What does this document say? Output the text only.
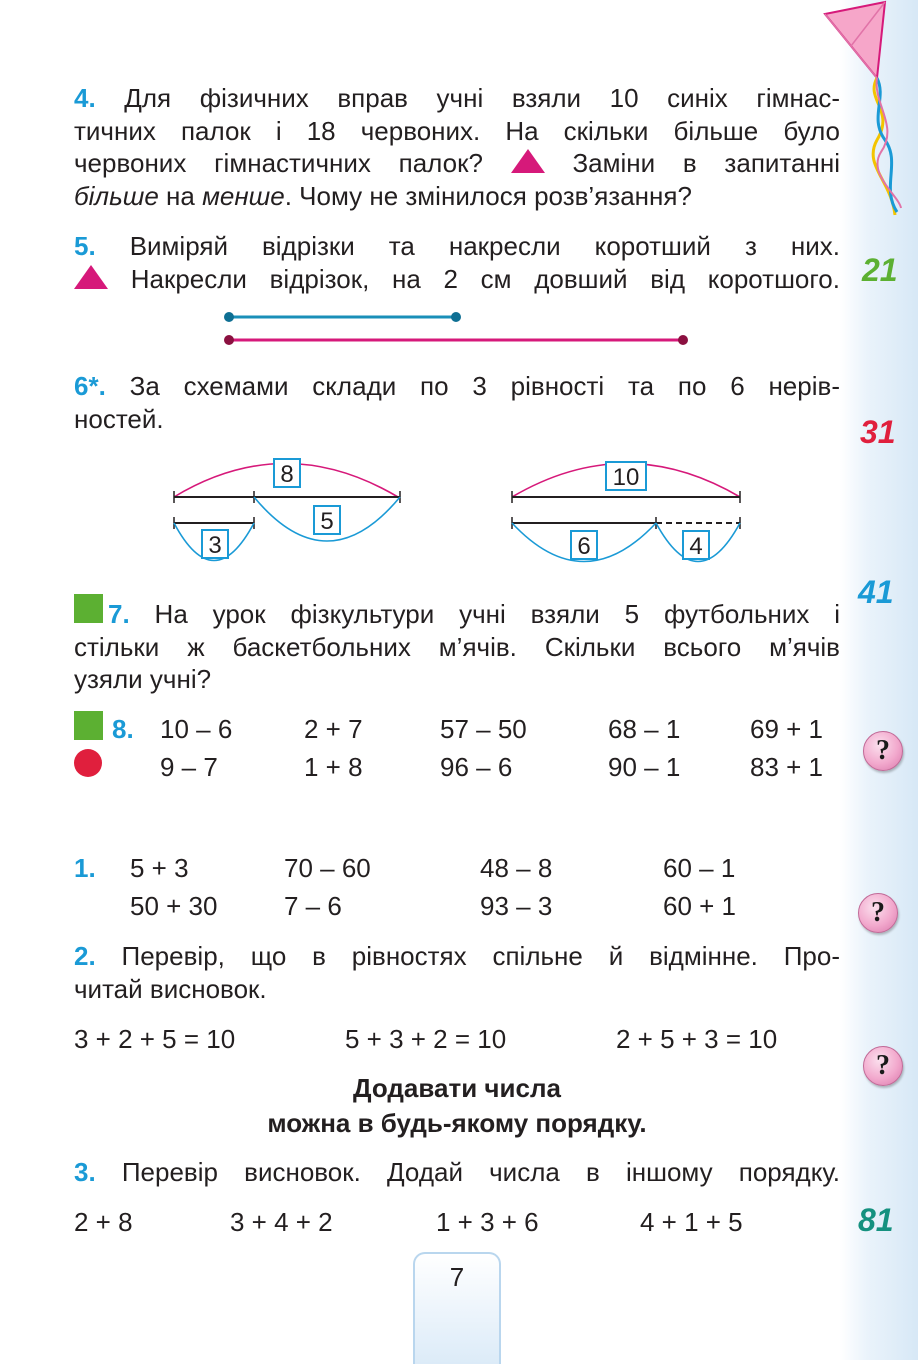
4. Для фізичних вправ учні взяли 10 синіх гімнас-
тичних палок і 18 червоних. На скільки більше було
червоних гімнастичних палок?	Заміни в запитанні
більше на менше. Чому не змінилося розв’язання?
5. Виміряй відрізки та накресли коротший з них.
Накресли відрізок, на 2 см довший від коротшого.
6*. За схемами склади по 3 рівності та по 6 нерів-
ностей.
8
5
3
10
6	4
7. На урок фізкультури учні взяли 5 футбольних і
стільки ж баскетбольних м’ячів. Скільки всього м’ячів
узяли учні?
8. 10 – 6	2 + 7	57 – 50	68 – 1	69 + 1
9 – 7	1 + 8	96 – 6	90 – 1	83 + 1
1. 5 + 3	70 – 60	48 – 8	60 – 1
50 + 30	7 – 6	93 – 3	60 + 1
2. Перевір, що в рівностях спільне й відмінне. Про-
читай висновок.
3 + 2 + 5 = 10	5 + 3 + 2 = 10	2 + 5 + 3 = 10
Додавати числа
можна в будь-якому порядку.
3. Перевір висновок. Додай числа в іншому порядку.
2 + 8	3 + 4 + 2	1 + 3 + 6	4 + 1 + 5
21
31
41
?
?
?
81
7
